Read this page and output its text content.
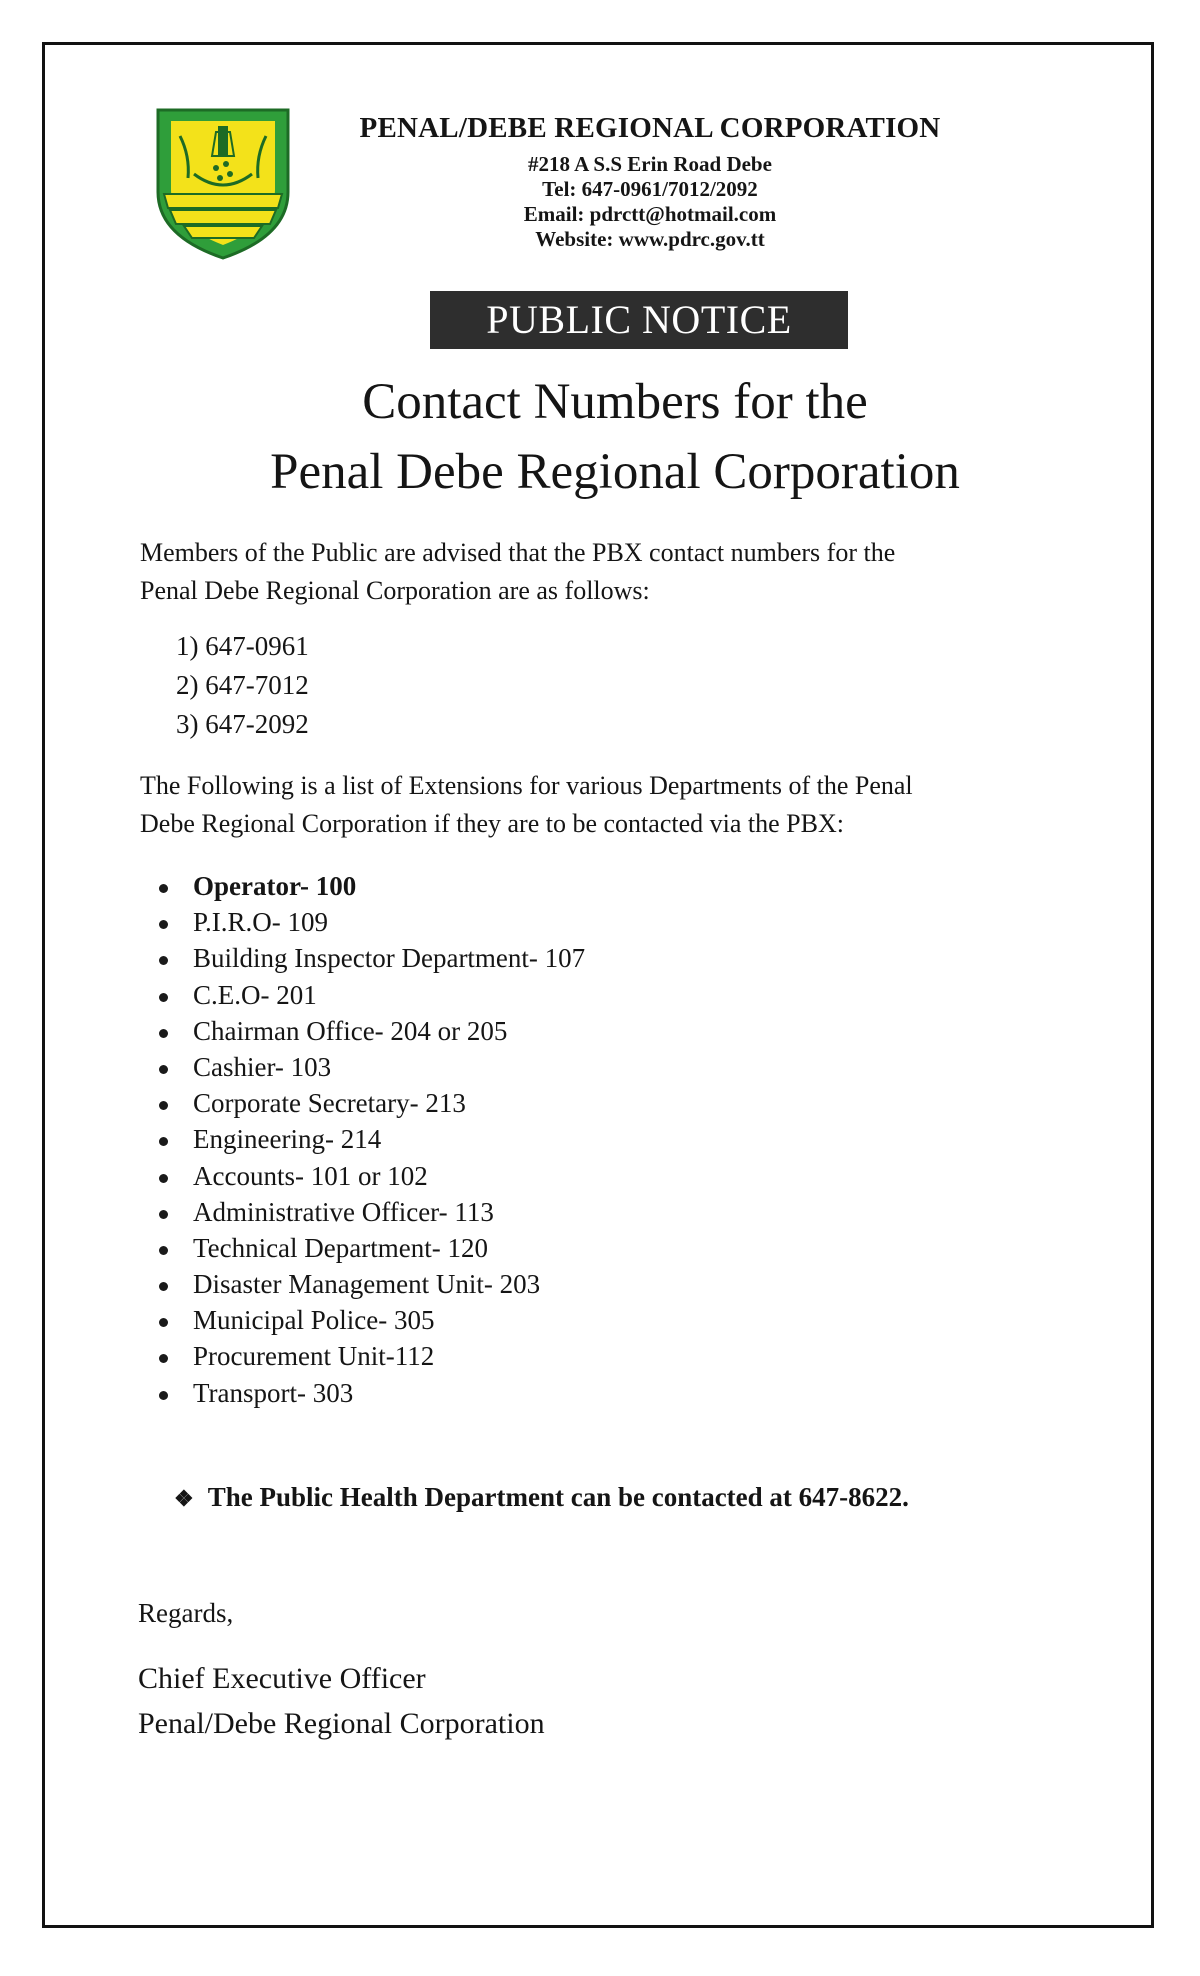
PENAL/DEBE REGIONAL CORPORATION
#218 A S.S Erin Road Debe
Tel: 647-0961/7012/2092
Email: pdrctt@hotmail.com
Website: www.pdrc.gov.tt
PUBLIC NOTICE
Contact Numbers for the
Penal Debe Regional Corporation
Members of the Public are advised that the PBX contact numbers for the
Penal Debe Regional Corporation are as follows:
1) 647-0961
2) 647-7012
3) 647-2092
The Following is a list of Extensions for various Departments of the Penal
Debe Regional Corporation if they are to be contacted via the PBX:
Operator- 100
P.I.R.O- 109
Building Inspector Department- 107
C.E.O- 201
Chairman Office- 204 or 205
Cashier- 103
Corporate Secretary- 213
Engineering- 214
Accounts- 101 or 102
Administrative Officer- 113
Technical Department- 120
Disaster Management Unit- 203
Municipal Police- 305
Procurement Unit-112
Transport- 303
❖ The Public Health Department can be contacted at 647-8622.
Regards,
Chief Executive Officer
Penal/Debe Regional Corporation
